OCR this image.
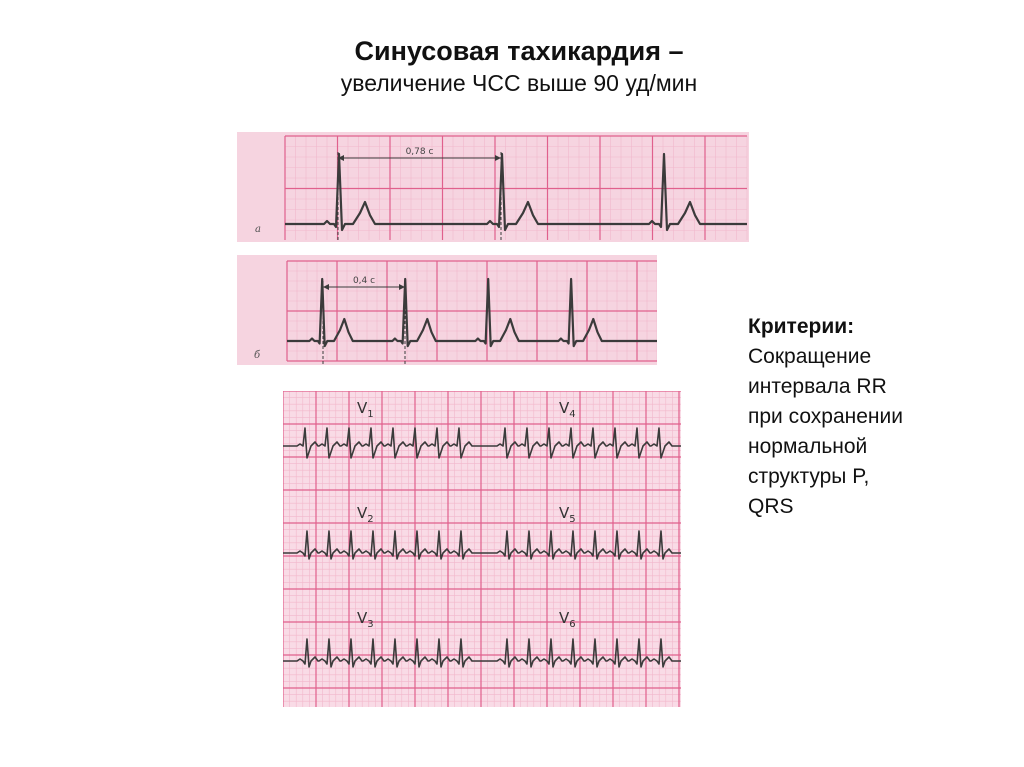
Синусовая тахикардия –
увеличение ЧСС выше 90 уд/мин
0,78 с
а
0,4 с
б
$V_1$	$V_4$
$V_2$	$V_5$
$V_3$	$V_6$
Критерии:
Сокращение
интервала RR
при сохранении
нормальной
структуры P,
QRS
